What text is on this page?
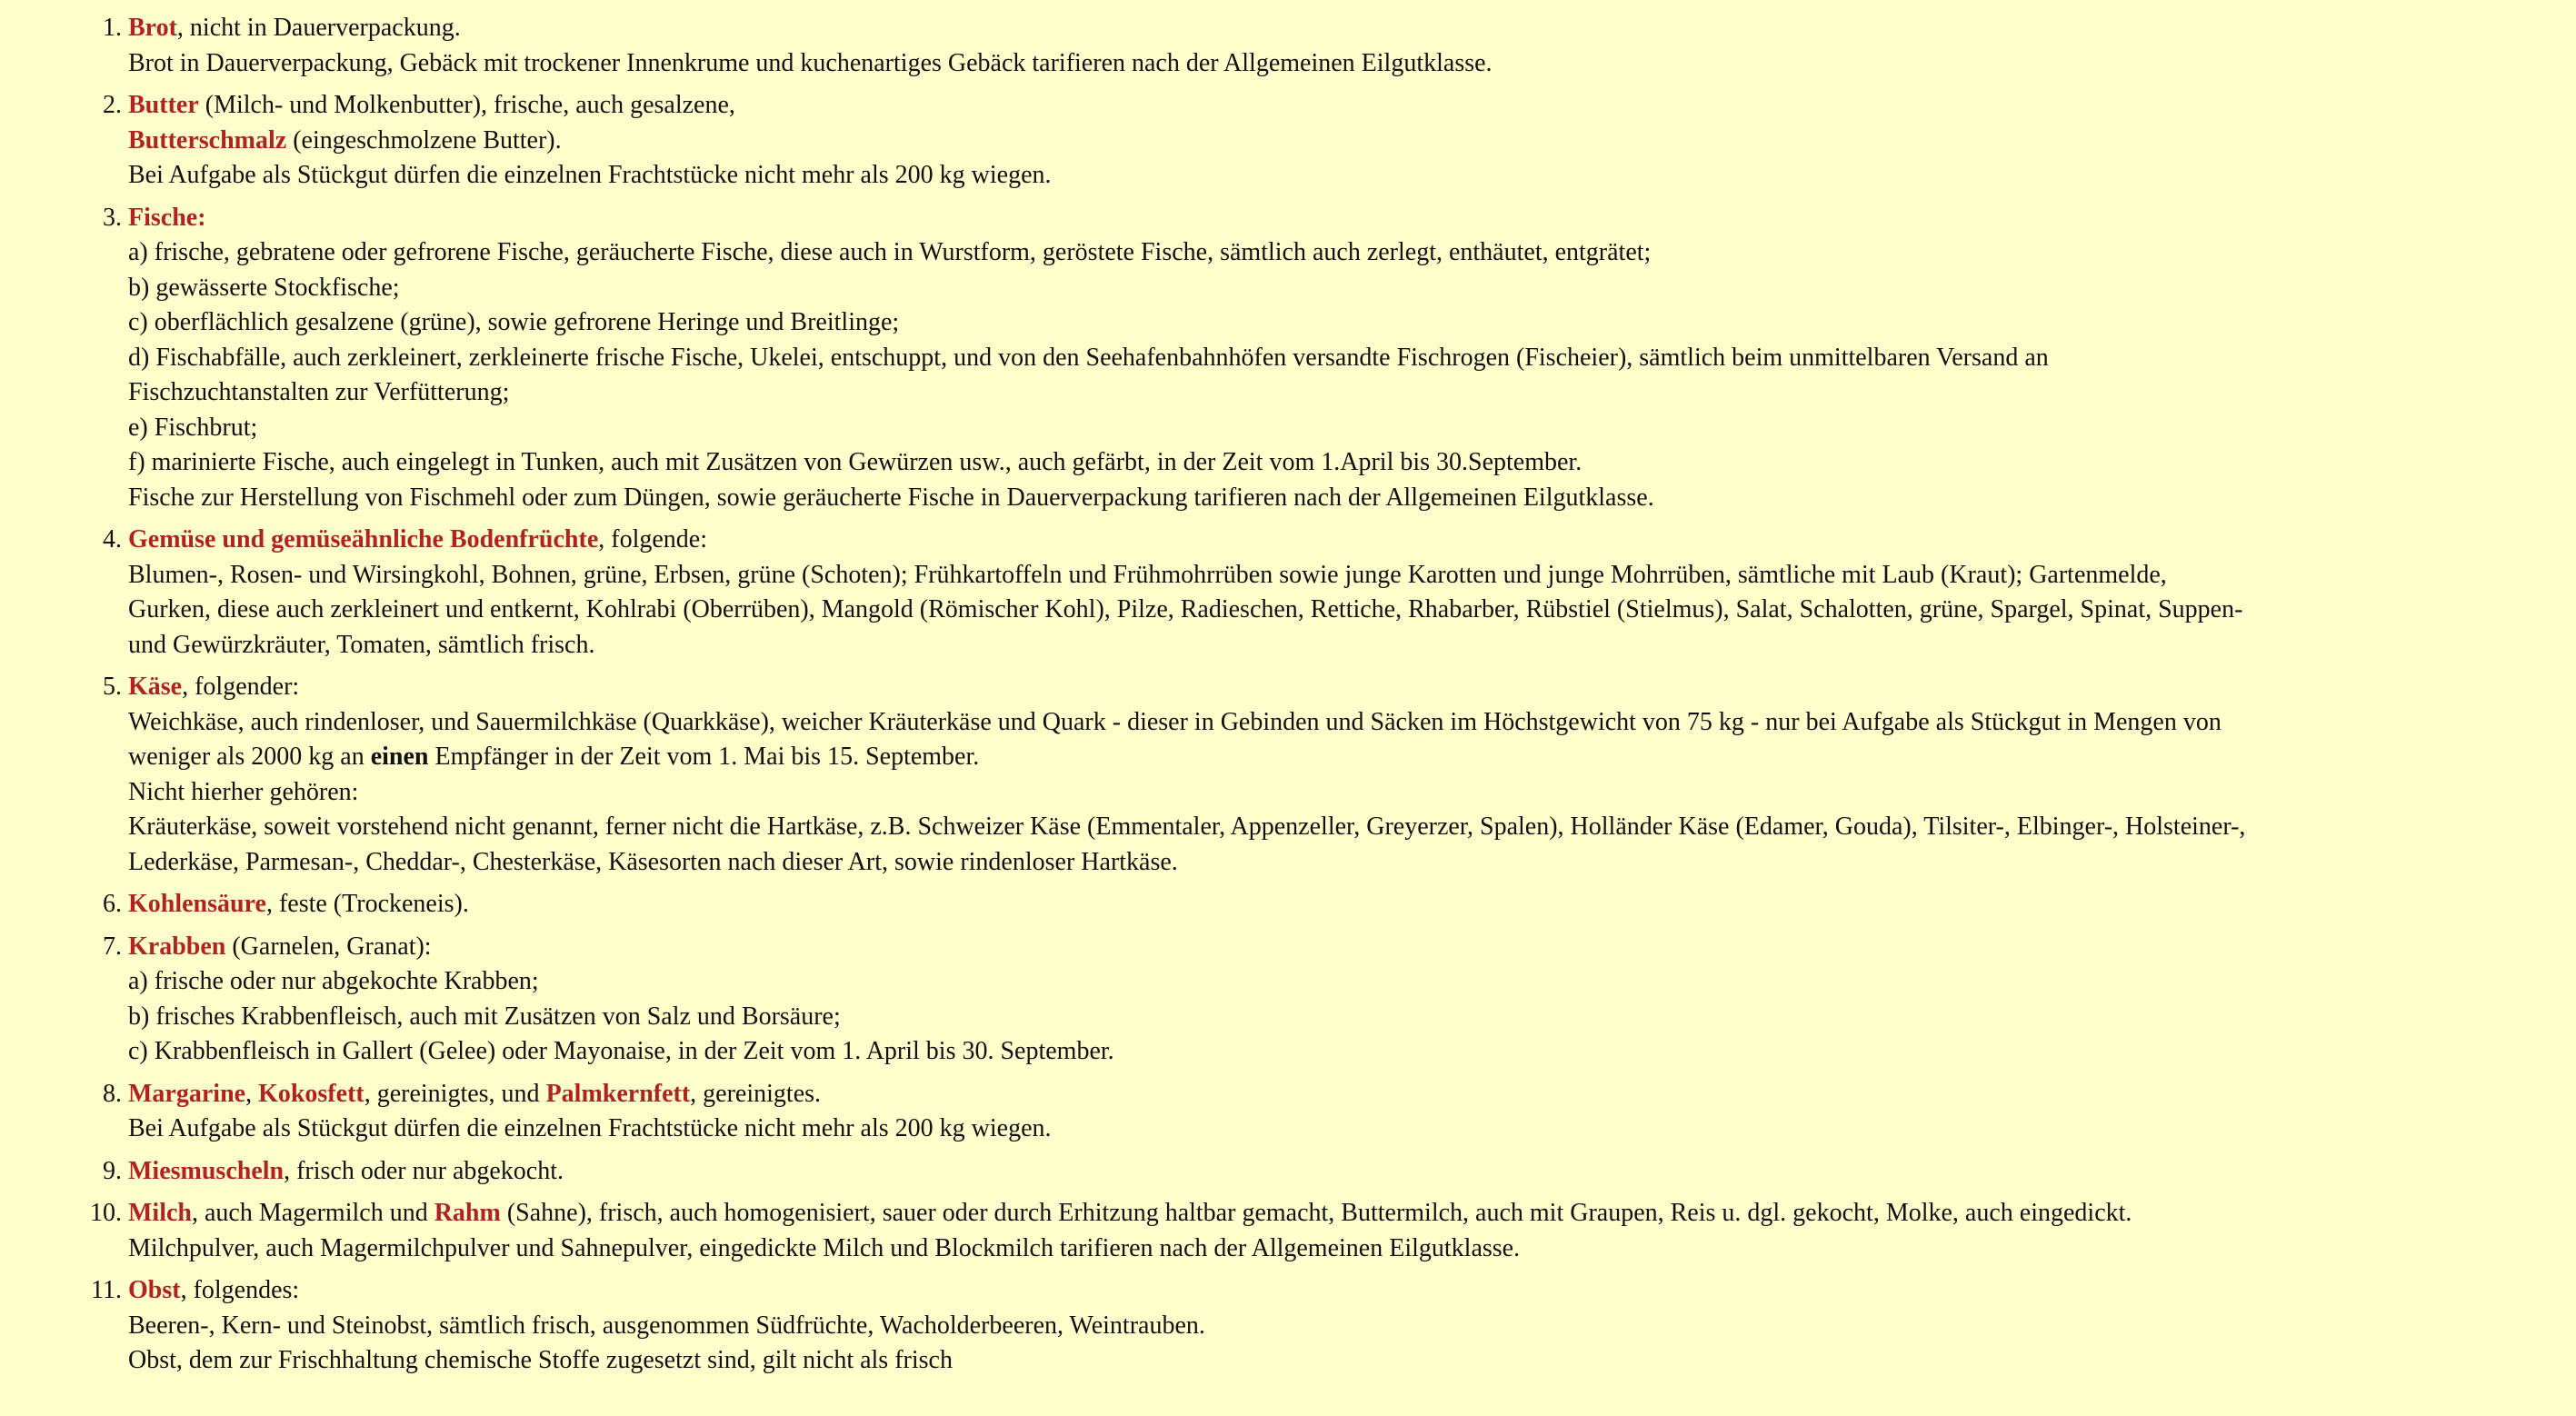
1. Brot, nicht in Dauerverpackung.
Brot in Dauerverpackung, Gebäck mit trockener Innenkrume und kuchenartiges Gebäck tarifieren nach der Allgemeinen Eilgutklasse.
2. Butter (Milch- und Molkenbutter), frische, auch gesalzene,
Butterschmalz (eingeschmolzene Butter).
Bei Aufgabe als Stückgut dürfen die einzelnen Frachtstücke nicht mehr als 200 kg wiegen.
3. Fische:
a) frische, gebratene oder gefrorene Fische, geräucherte Fische, diese auch in Wurstform, geröstete Fische, sämtlich auch zerlegt, enthäutet, entgrätet;
b) gewässerte Stockfische;
c) oberflächlich gesalzene (grüne), sowie gefrorene Heringe und Breitlinge;
d) Fischabfälle, auch zerkleinert, zerkleinerte frische Fische, Ukelei, entschuppt, und von den Seehafenbahnhöfen versandte Fischrogen (Fischeier), sämtlich beim unmittelbaren Versand an Fischzuchtanstalten zur Verfütterung;
e) Fischbrut;
f) marinierte Fische, auch eingelegt in Tunken, auch mit Zusätzen von Gewürzen usw., auch gefärbt, in der Zeit vom 1.April bis 30.September.
Fische zur Herstellung von Fischmehl oder zum Düngen, sowie geräucherte Fische in Dauerverpackung tarifieren nach der Allgemeinen Eilgutklasse.
4. Gemüse und gemüseähnliche Bodenfrüchte, folgende:
Blumen-, Rosen- und Wirsingkohl, Bohnen, grüne, Erbsen, grüne (Schoten); Frühkartoffeln und Frühmohrrüben sowie junge Karotten und junge Mohrrüben, sämtliche mit Laub (Kraut); Gartenmelde, Gurken, diese auch zerkleinert und entkernt, Kohlrabi (Oberrüben), Mangold (Römischer Kohl), Pilze, Radieschen, Rettiche, Rhabarber, Rübstiel (Stielmus), Salat, Schalotten, grüne, Spargel, Spinat, Suppen- und Gewürzkräuter, Tomaten, sämtlich frisch.
5. Käse, folgender:
Weichkäse, auch rindenloser, und Sauermilchkäse (Quarkkäse), weicher Kräuterkäse und Quark - dieser in Gebinden und Säcken im Höchstgewicht von 75 kg - nur bei Aufgabe als Stückgut in Mengen von weniger als 2000 kg an einen Empfänger in der Zeit vom 1. Mai bis 15. September.
Nicht hierher gehören:
Kräuterkäse, soweit vorstehend nicht genannt, ferner nicht die Hartkäse, z.B. Schweizer Käse (Emmentaler, Appenzeller, Greyerzer, Spalen), Holländer Käse (Edamer, Gouda), Tilsiter-, Elbinger-, Holsteiner-, Lederkäse, Parmesan-, Cheddar-, Chesterkäse, Käsesorten nach dieser Art, sowie rindenloser Hartkäse.
6. Kohlensäure, feste (Trockeneis).
7. Krabben (Garnelen, Granat):
a) frische oder nur abgekochte Krabben;
b) frisches Krabbenfleisch, auch mit Zusätzen von Salz und Borsäure;
c) Krabbenfleisch in Gallert (Gelee) oder Mayonaise, in der Zeit vom 1. April bis 30. September.
8. Margarine, Kokosfett, gereinigtes, und Palmkernfett, gereinigtes.
Bei Aufgabe als Stückgut dürfen die einzelnen Frachtstücke nicht mehr als 200 kg wiegen.
9. Miesmuscheln, frisch oder nur abgekocht.
10. Milch, auch Magermilch und Rahm (Sahne), frisch, auch homogenisiert, sauer oder durch Erhitzung haltbar gemacht, Buttermilch, auch mit Graupen, Reis u. dgl. gekocht, Molke, auch eingedickt.
Milchpulver, auch Magermilchpulver und Sahnepulver, eingedickte Milch und Blockmilch tarifieren nach der Allgemeinen Eilgutklasse.
11. Obst, folgendes:
Beeren-, Kern- und Steinobst, sämtlich frisch, ausgenommen Südfrüchte, Wacholderbeeren, Weintrauben.
Obst, dem zur Frischhaltung chemische Stoffe zugesetzt sind, gilt nicht als frisch
